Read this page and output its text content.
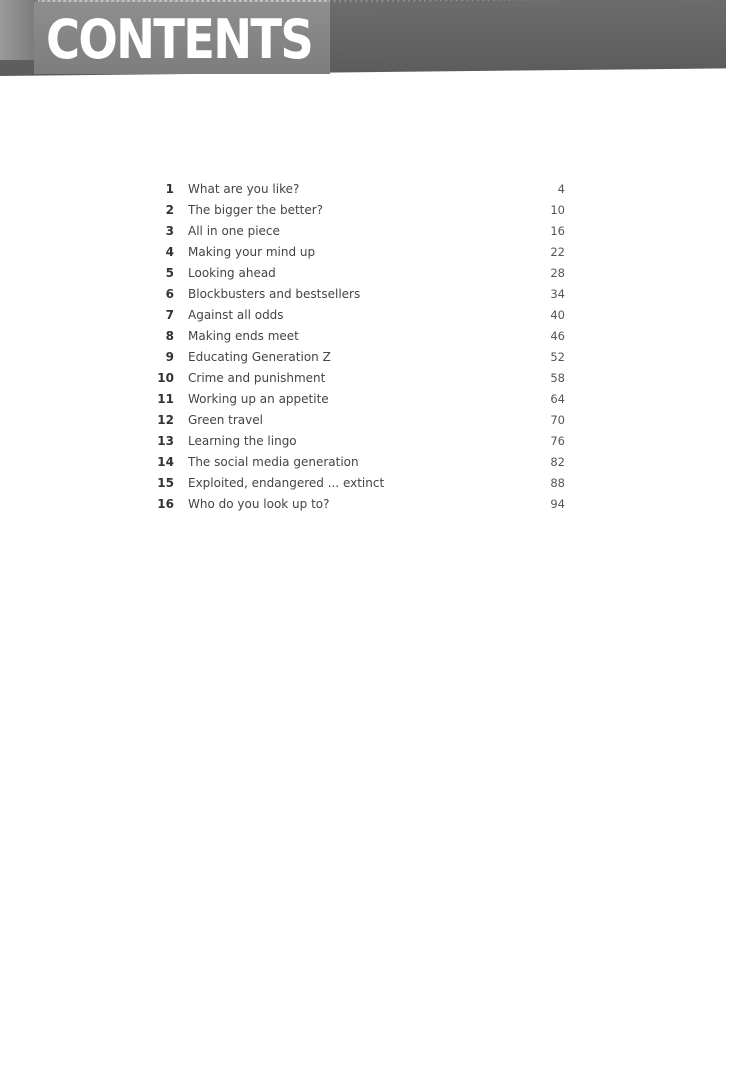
CONTENTS
1 What are you like?	4
2 The bigger the better?	10
3 All in one piece	16
4 Making your mind up	22
5 Looking ahead	28
6 Blockbusters and bestsellers	34
7 Against all odds	40
8 Making ends meet	46
9 Educating Generation Z	52
10 Crime and punishment	58
11 Working up an appetite	64
12 Green travel	70
13 Learning the lingo	76
14 The social media generation	82
15 Exploited, endangered ... extinct	88
16 Who do you look up to?	94
